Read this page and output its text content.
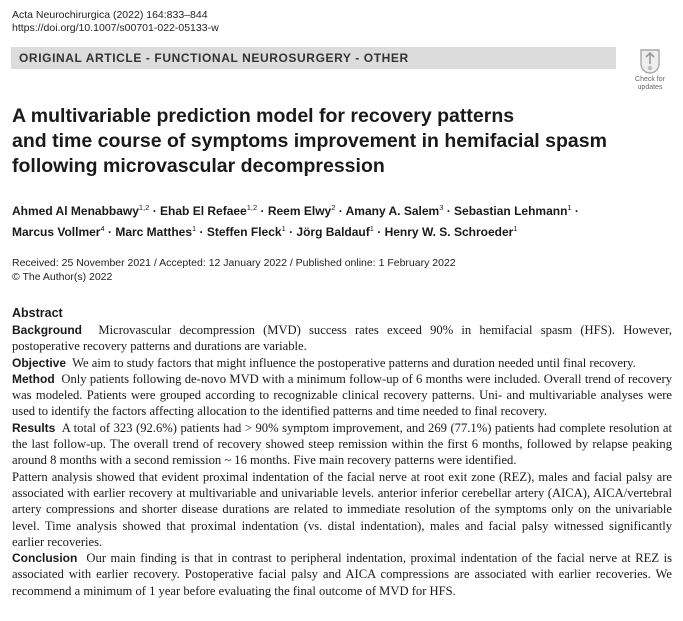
Acta Neurochirurgica (2022) 164:833–844
https://doi.org/10.1007/s00701-022-05133-w
ORIGINAL ARTICLE - FUNCTIONAL NEUROSURGERY - OTHER
Check for
updates
A multivariable prediction model for recovery patterns
and time course of symptoms improvement in hemifacial spasm
following microvascular decompression
Ahmed Al Menabbawy$^{1,2}$ · Ehab El Refaee$^{1,2}$ · Reem Elwy$^2$ · Amany A. Salem$^3$ · Sebastian Lehmann$^1$ ·
Marcus Vollmer$^4$ · Marc Matthes$^1$ · Steffen Fleck$^1$ · Jörg Baldauf$^1$ · Henry W. S. Schroeder$^1$
Received: 25 November 2021 / Accepted: 12 January 2022 / Published online: 1 February 2022
© The Author(s) 2022
Abstract
Background Microvascular decompression (MVD) success rates exceed 90% in hemifacial spasm (HFS). However, postoperative recovery patterns and durations are variable.
Objective We aim to study factors that might influence the postoperative patterns and duration needed until final recovery.
Method Only patients following de-novo MVD with a minimum follow-up of 6 months were included. Overall trend of recovery was modeled. Patients were grouped according to recognizable clinical recovery patterns. Uni- and multivariable analyses were used to identify the factors affecting allocation to the identified patterns and time needed to final recovery.
Results A total of 323 (92.6%) patients had > 90% symptom improvement, and 269 (77.1%) patients had complete resolution at the last follow-up. The overall trend of recovery showed steep remission within the first 6 months, followed by relapse peaking around 8 months with a second remission ~ 16 months. Five main recovery patterns were identified.
Pattern analysis showed that evident proximal indentation of the facial nerve at root exit zone (REZ), males and facial palsy are associated with earlier recovery at multivariable and univariable levels. anterior inferior cerebellar artery (AICA), AICA/vertebral artery compressions and shorter disease durations are related to immediate resolution of the symptoms only on the univariable level. Time analysis showed that proximal indentation (vs. distal indentation), males and facial palsy witnessed significantly earlier recoveries.
Conclusion Our main finding is that in contrast to peripheral indentation, proximal indentation of the facial nerve at REZ is associated with earlier recovery. Postoperative facial palsy and AICA compressions are associated with earlier recoveries. We recommend a minimum of 1 year before evaluating the final outcome of MVD for HFS.
